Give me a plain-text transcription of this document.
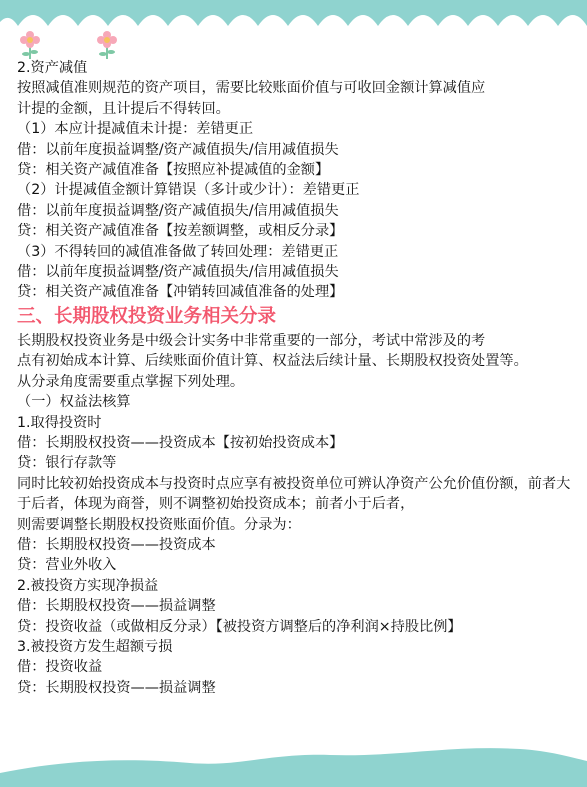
2.资产减值
按照减值准则规范的资产项目，需要比较账面价值与可收回金额计算减值应
计提的金额，且计提后不得转回。
（1）本应计提减值未计提：差错更正
借：以前年度损益调整/资产减值损失/信用减值损失
贷：相关资产减值准备【按照应补提减值的金额】
（2）计提减值金额计算错误（多计或少计）：差错更正
借：以前年度损益调整/资产减值损失/信用减值损失
贷：相关资产减值准备【按差额调整，或相反分录】
（3）不得转回的减值准备做了转回处理：差错更正
借：以前年度损益调整/资产减值损失/信用减值损失
贷：相关资产减值准备【冲销转回减值准备的处理】
三、长期股权投资业务相关分录
长期股权投资业务是中级会计实务中非常重要的一部分，考试中常涉及的考
点有初始成本计算、后续账面价值计算、权益法后续计量、长期股权投资处置等。
从分录角度需要重点掌握下列处理。
（一）权益法核算
1.取得投资时
借：长期股权投资——投资成本【按初始投资成本】
贷：银行存款等
同时比较初始投资成本与投资时点应享有被投资单位可辨认净资产公允价值份额，前者大于后者，体现为商誉，则不调整初始投资成本；前者小于后者，
则需要调整长期股权投资账面价值。分录为：
借：长期股权投资——投资成本
贷：营业外收入
2.被投资方实现净损益
借：长期股权投资——损益调整
贷：投资收益（或做相反分录）【被投资方调整后的净利润×持股比例】
3.被投资方发生超额亏损
借：投资收益
贷：长期股权投资——损益调整
